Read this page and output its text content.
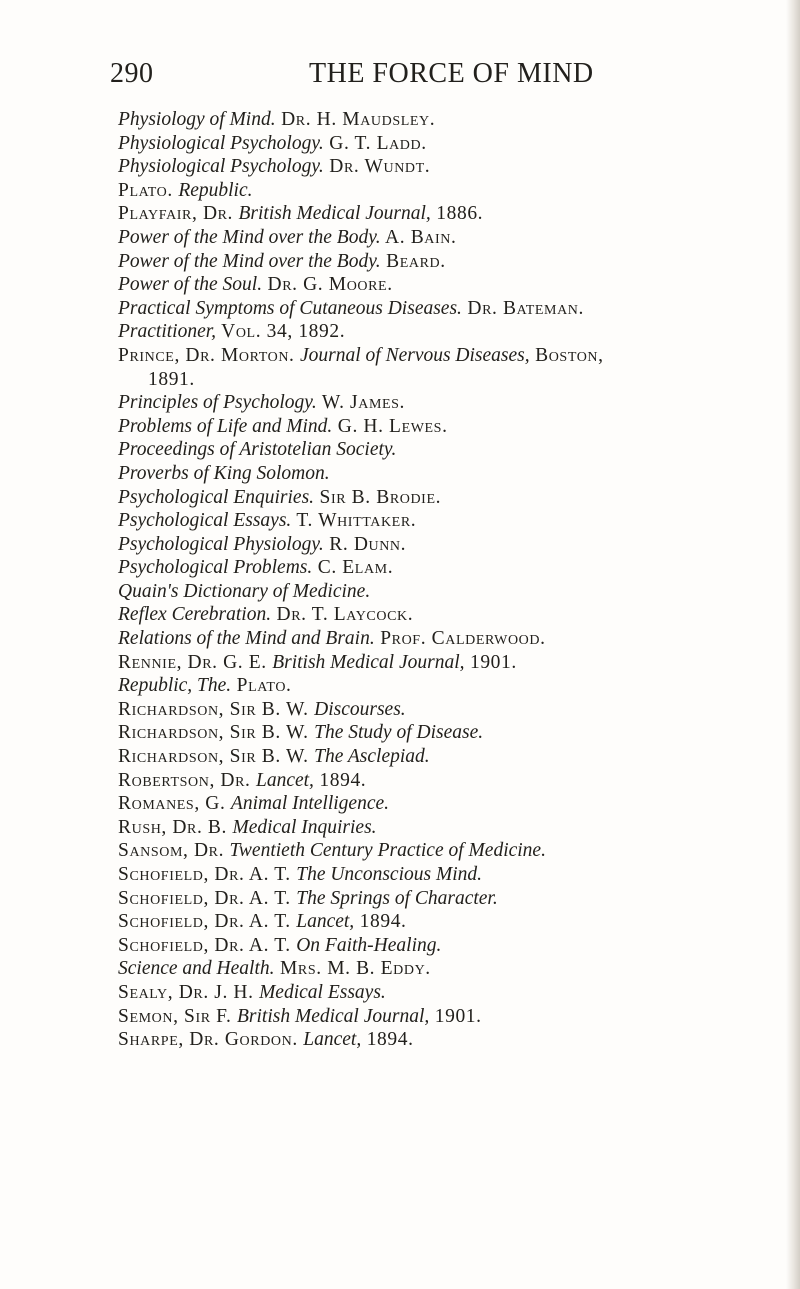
290	THE FORCE OF MIND
Physiology of Mind. Dr. H. Maudsley.
Physiological Psychology. G. T. Ladd.
Physiological Psychology. Dr. Wundt.
Plato. Republic.
Playfair, Dr. British Medical Journal, 1886.
Power of the Mind over the Body. A. Bain.
Power of the Mind over the Body. Beard.
Power of the Soul. Dr. G. Moore.
Practical Symptoms of Cutaneous Diseases. Dr. Bateman.
Practitioner, Vol. 34, 1892.
Prince, Dr. Morton. Journal of Nervous Diseases, Boston,
1891.
Principles of Psychology. W. James.
Problems of Life and Mind. G. H. Lewes.
Proceedings of Aristotelian Society.
Proverbs of King Solomon.
Psychological Enquiries. Sir B. Brodie.
Psychological Essays. T. Whittaker.
Psychological Physiology. R. Dunn.
Psychological Problems. C. Elam.
Quain's Dictionary of Medicine.
Reflex Cerebration. Dr. T. Laycock.
Relations of the Mind and Brain. Prof. Calderwood.
Rennie, Dr. G. E. British Medical Journal, 1901.
Republic, The. Plato.
Richardson, Sir B. W. Discourses.
Richardson, Sir B. W. The Study of Disease.
Richardson, Sir B. W. The Asclepiad.
Robertson, Dr. Lancet, 1894.
Romanes, G. Animal Intelligence.
Rush, Dr. B. Medical Inquiries.
Sansom, Dr. Twentieth Century Practice of Medicine.
Schofield, Dr. A. T. The Unconscious Mind.
Schofield, Dr. A. T. The Springs of Character.
Schofield, Dr. A. T. Lancet, 1894.
Schofield, Dr. A. T. On Faith-Healing.
Science and Health. Mrs. M. B. Eddy.
Sealy, Dr. J. H. Medical Essays.
Semon, Sir F. British Medical Journal, 1901.
Sharpe, Dr. Gordon. Lancet, 1894.
